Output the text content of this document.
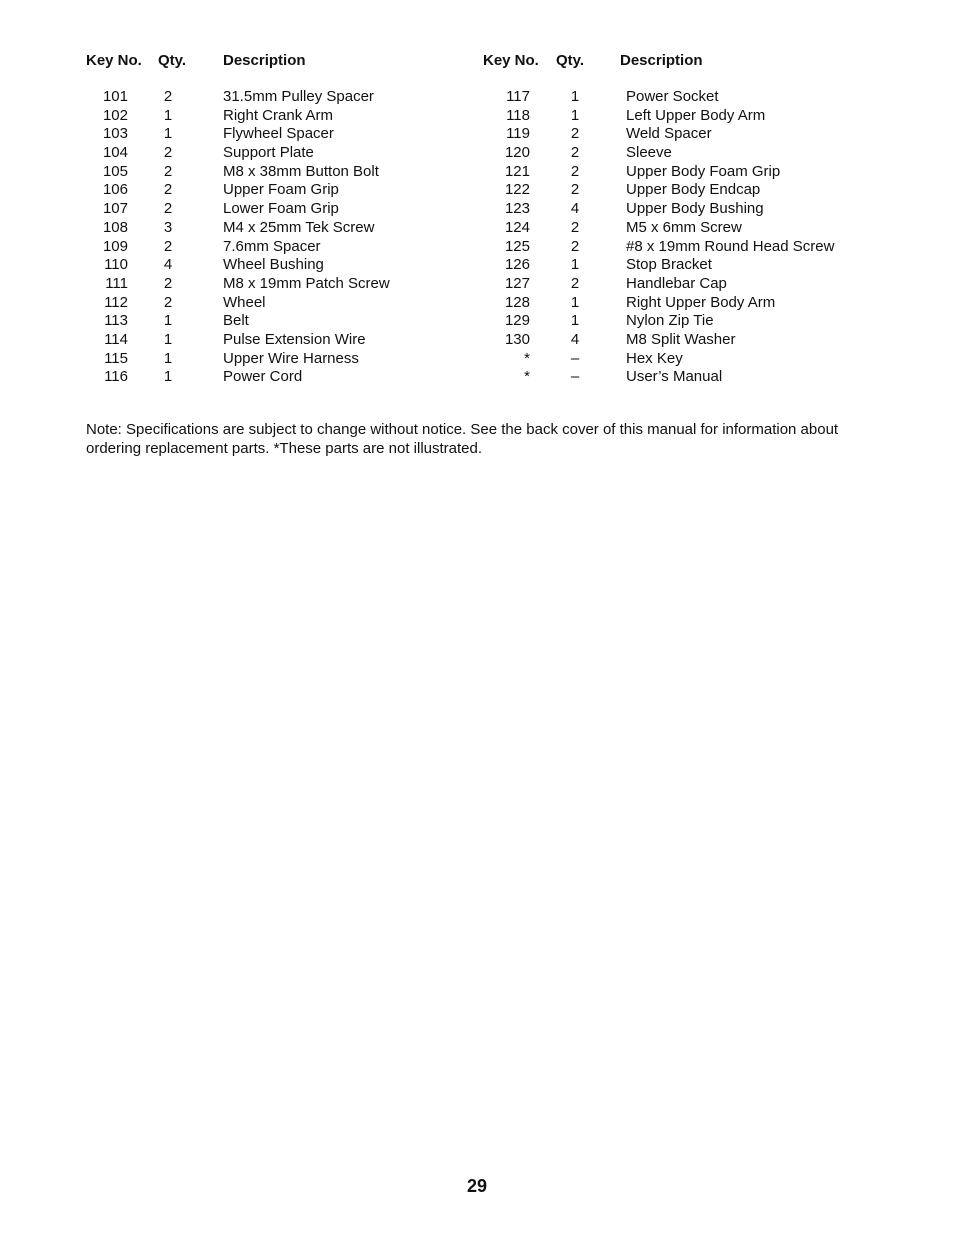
Key No. Qty. Description
101	2	31.5mm Pulley Spacer
102	1	Right Crank Arm
103	1	Flywheel Spacer
104	2	Support Plate
105	2	M8 x 38mm Button Bolt
106	2	Upper Foam Grip
107	2	Lower Foam Grip
108	3	M4 x 25mm Tek Screw
109	2	7.6mm Spacer
110	4	Wheel Bushing
111	2	M8 x 19mm Patch Screw
112	2	Wheel
113	1	Belt
114	1	Pulse Extension Wire
115	1	Upper Wire Harness
116	1	Power Cord
Key No. Qty. Description
117	1	Power Socket
118	1	Left Upper Body Arm
119	2	Weld Spacer
120	2	Sleeve
121	2	Upper Body Foam Grip
122	2	Upper Body Endcap
123	4	Upper Body Bushing
124	2	M5 x 6mm Screw
125	2	#8 x 19mm Round Head Screw
126	1	Stop Bracket
127	2	Handlebar Cap
128	1	Right Upper Body Arm
129	1	Nylon Zip Tie
130	4	M8 Split Washer
*	–	Hex Key
*	–	User’s Manual

Note: Specifications are subject to change without notice. See the back cover of this manual for information about ordering replacement parts. *These parts are not illustrated.

29
